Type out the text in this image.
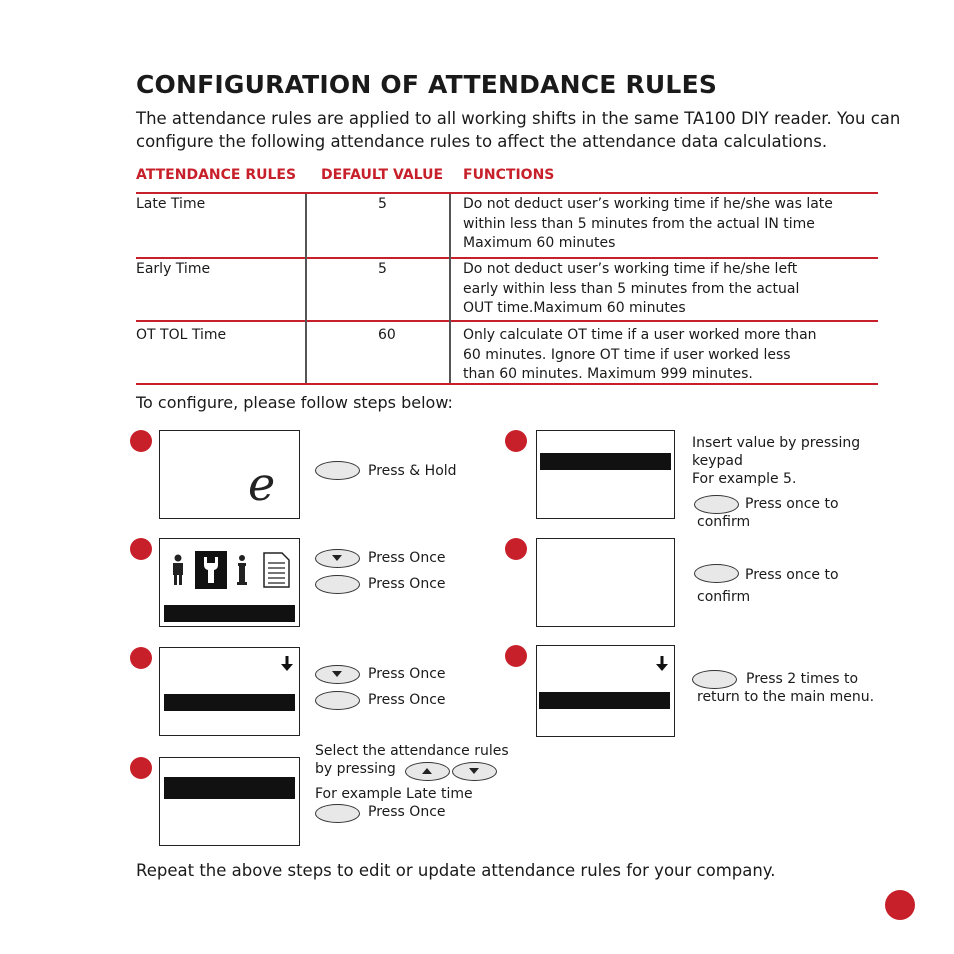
CONFIGURATION OF ATTENDANCE RULES
The attendance rules are applied to all working shifts in the same TA100 DIY reader. You can configure the following attendance rules to affect the attendance data calculations.
ATTENDANCE RULES DEFAULT VALUE FUNCTIONS
Late Time	5	Do not deduct user’s working time if he/she was late within less than 5 minutes from the actual IN time Maximum 60 minutes
Early Time	5	Do not deduct user’s working time if he/she left early within less than 5 minutes from the actual OUT time.Maximum 60 minutes
OT TOL Time	60	Only calculate OT time if a user worked more than 60 minutes. Ignore OT time if user worked less than 60 minutes. Maximum 999 minutes.
To configure, please follow steps below:
e	Press & Hold
Press Once
Press Once
Press Once
Press Once
Select the attendance rules
by pressing
For example Late time
Press Once
Insert value by pressing keypad
For example 5.
Press once to confirm
Press once to confirm
Press 2 times to return to the main menu.
Repeat the above steps to edit or update attendance rules for your company.
